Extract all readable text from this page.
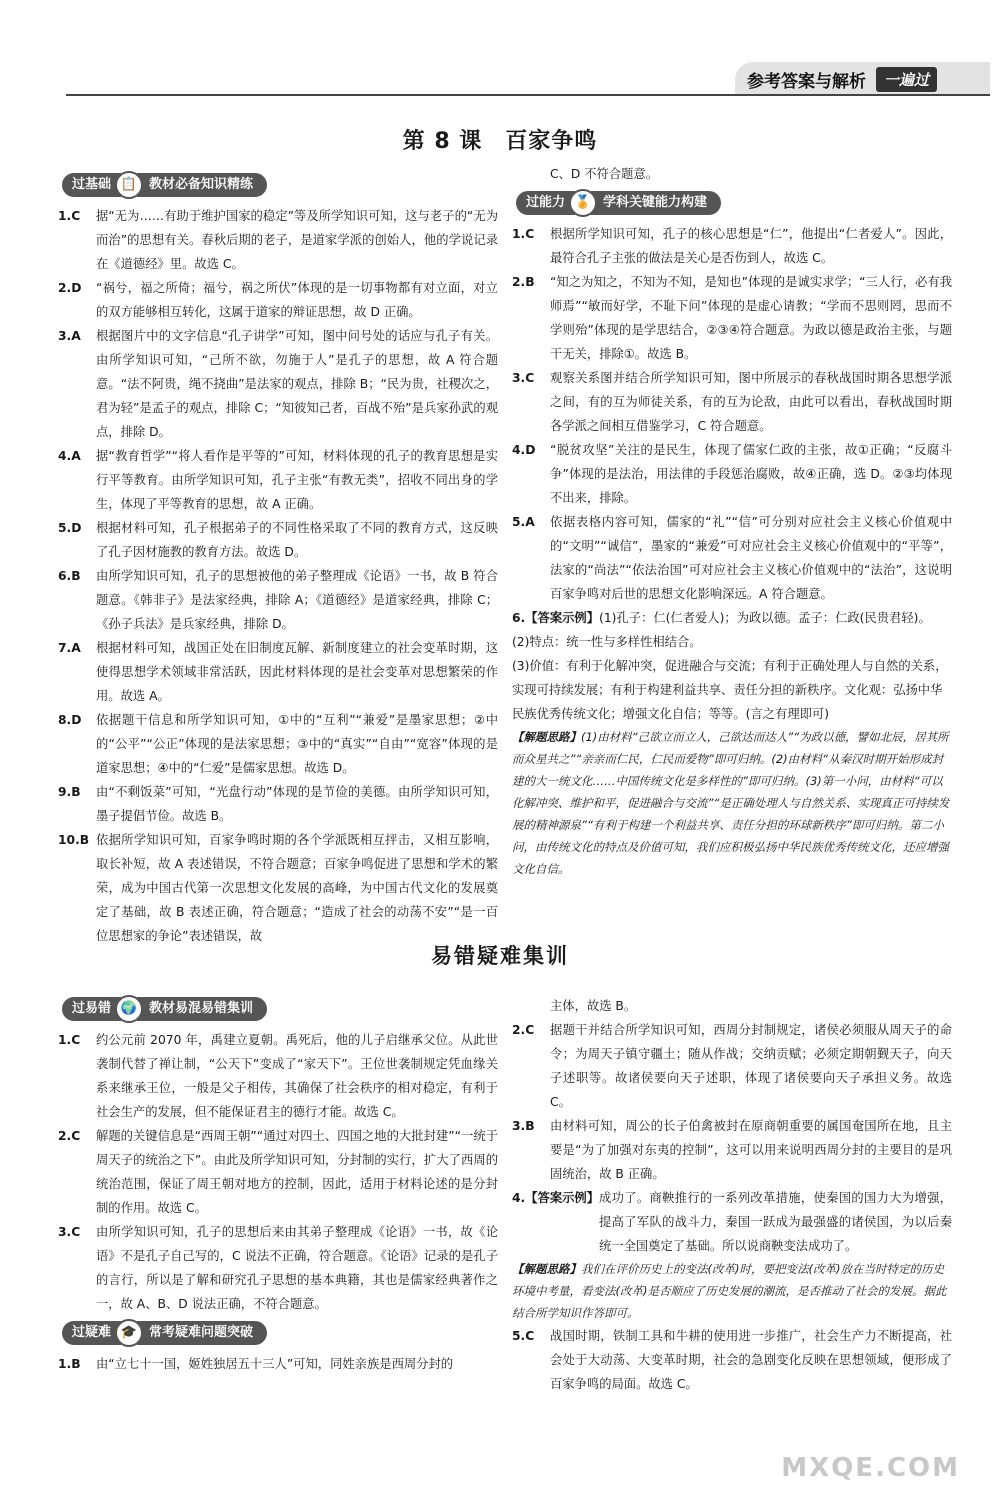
参考答案与解析	一遍过
第 8 课　百家争鸣
过基础 📋 教材必备知识精练
1.C	据“无为……有助于维护国家的稳定”等及所学知识可知，这与老子的“无为而治”的思想有关。春秋后期的老子，是道家学派的创始人，他的学说记录在《道德经》里。故选 C。
2.D	“祸兮，福之所倚；福兮，祸之所伏”体现的是一切事物都有对立面，对立的双方能够相互转化，这属于道家的辩证思想，故 D 正确。
3.A	根据图片中的文字信息“孔子讲学”可知，图中问号处的话应与孔子有关。由所学知识可知，“己所不欲，勿施于人”是孔子的思想，故 A 符合题意。“法不阿贵，绳不挠曲”是法家的观点，排除 B；“民为贵，社稷次之，君为轻”是孟子的观点，排除 C；“知彼知己者，百战不殆”是兵家孙武的观点，排除 D。
4.A	据“教育哲学”“将人看作是平等的”可知，材料体现的孔子的教育思想是实行平等教育。由所学知识可知，孔子主张“有教无类”，招收不同出身的学生，体现了平等教育的思想，故 A 正确。
5.D	根据材料可知，孔子根据弟子的不同性格采取了不同的教育方式，这反映了孔子因材施教的教育方法。故选 D。
6.B	由所学知识可知，孔子的思想被他的弟子整理成《论语》一书，故 B 符合题意。《韩非子》是法家经典，排除 A；《道德经》是道家经典，排除 C；《孙子兵法》是兵家经典，排除 D。
7.A	根据材料可知，战国正处在旧制度瓦解、新制度建立的社会变革时期，这使得思想学术领域非常活跃，因此材料体现的是社会变革对思想繁荣的作用。故选 A。
8.D	依据题干信息和所学知识可知，①中的“互利”“兼爱”是墨家思想；②中的“公平”“公正”体现的是法家思想；③中的“真实”“自由”“宽容”体现的是道家思想；④中的“仁爱”是儒家思想。故选 D。
9.B	由“不剩饭菜”可知，“光盘行动”体现的是节俭的美德。由所学知识可知，墨子提倡节俭。故选 B。
10.B 依据所学知识可知，百家争鸣时期的各个学派既相互抨击，又相互影响，取长补短，故 A 表述错误，不符合题意；百家争鸣促进了思想和学术的繁荣，成为中国古代第一次思想文化发展的高峰，为中国古代文化的发展奠定了基础，故 B 表述正确，符合题意；“造成了社会的动荡不安”“是一百位思想家的争论”表述错误，故
C、D 不符合题意。
过能力 🏅 学科关键能力构建
1.C	根据所学知识可知，孔子的核心思想是“仁”，他提出“仁者爱人”。因此，最符合孔子主张的做法是关心是否伤到人，故选 C。
2.B	“知之为知之，不知为不知，是知也”体现的是诚实求学；“三人行，必有我师焉”“敏而好学，不耻下问”体现的是虚心请教；“学而不思则罔，思而不学则殆”体现的是学思结合，②③④符合题意。为政以德是政治主张，与题干无关，排除①。故选 B。
3.C	观察关系图并结合所学知识可知，图中所展示的春秋战国时期各思想学派之间，有的互为师徒关系，有的互为论敌，由此可以看出，春秋战国时期各学派之间相互借鉴学习，C 符合题意。
4.D	“脱贫攻坚”关注的是民生，体现了儒家仁政的主张，故①正确；“反腐斗争”体现的是法治，用法律的手段惩治腐败，故④正确，选 D。②③均体现不出来，排除。
5.A	依据表格内容可知，儒家的“礼”“信”可分别对应社会主义核心价值观中的“文明”“诚信”，墨家的“兼爱”可对应社会主义核心价值观中的“平等”，法家的“尚法”“依法治国”可对应社会主义核心价值观中的“法治”，这说明百家争鸣对后世的思想文化影响深远。A 符合题意。
6.【答案示例】(1)孔子：仁(仁者爱人)；为政以德。孟子：仁政(民贵君轻)。
(2)特点：统一性与多样性相结合。
(3)价值：有利于化解冲突，促进融合与交流；有利于正确处理人与自然的关系，实现可持续发展；有利于构建利益共享、责任分担的新秩序。文化观：弘扬中华民族优秀传统文化；增强文化自信；等等。(言之有理即可)
【解题思路】(1)由材料“己欲立而立人，己欲达而达人”“为政以德，譬如北辰，居其所而众星共之”“亲亲而仁民，仁民而爱物”即可归纳。(2)由材料“从秦汉时期开始形成封建的大一统文化……中国传统文化是多样性的”即可归纳。(3)第一小问，由材料“可以化解冲突、维护和平，促进融合与交流”“是正确处理人与自然关系、实现真正可持续发展的精神源泉”“有利于构建一个利益共享、责任分担的环球新秩序”即可归纳。第二小问，由传统文化的特点及价值可知，我们应积极弘扬中华民族优秀传统文化，还应增强文化自信。
易错疑难集训
过易错 🌍 教材易混易错集训
1.C	约公元前 2070 年，禹建立夏朝。禹死后，他的儿子启继承父位。从此世袭制代替了禅让制，“公天下”变成了“家天下”。王位世袭制规定凭血缘关系来继承王位，一般是父子相传，其确保了社会秩序的相对稳定，有利于社会生产的发展，但不能保证君主的德行才能。故选 C。
2.C	解题的关键信息是“西周王朝”“通过对四土、四国之地的大批封建”“一统于周天子的统治之下”。由此及所学知识可知，分封制的实行，扩大了西周的统治范围，保证了周王朝对地方的控制，因此，适用于材料论述的是分封制的作用。故选 C。
3.C	由所学知识可知，孔子的思想后来由其弟子整理成《论语》一书，故《论语》不是孔子自己写的，C 说法不正确，符合题意。《论语》记录的是孔子的言行，所以是了解和研究孔子思想的基本典籍，其也是儒家经典著作之一，故 A、B、D 说法正确，不符合题意。
过疑难 🎓 常考疑难问题突破
1.B	由“立七十一国，姬姓独居五十三人”可知，同姓亲族是西周分封的
主体，故选 B。
2.C	据题干并结合所学知识可知，西周分封制规定，诸侯必须服从周天子的命令；为周天子镇守疆土；随从作战；交纳贡赋；必须定期朝觐天子，向天子述职等。故诸侯要向天子述职，体现了诸侯要向天子承担义务。故选 C。
3.B	由材料可知，周公的长子伯禽被封在原商朝重要的属国奄国所在地，且主要是“为了加强对东夷的控制”，这可以用来说明西周分封的主要目的是巩固统治，故 B 正确。
4.【答案示例】 成功了。商鞅推行的一系列改革措施，使秦国的国力大为增强，提高了军队的战斗力，秦国一跃成为最强盛的诸侯国，为以后秦统一全国奠定了基础。所以说商鞅变法成功了。
【解题思路】我们在评价历史上的变法(改革)时，要把变法(改革)放在当时特定的历史环境中考量，看变法(改革)是否顺应了历史发展的潮流，是否推动了社会的发展。据此结合所学知识作答即可。
5.C	战国时期，铁制工具和牛耕的使用进一步推广，社会生产力不断提高，社会处于大动荡、大变革时期，社会的急剧变化反映在思想领域，便形成了百家争鸣的局面。故选 C。
MXQE.COM
